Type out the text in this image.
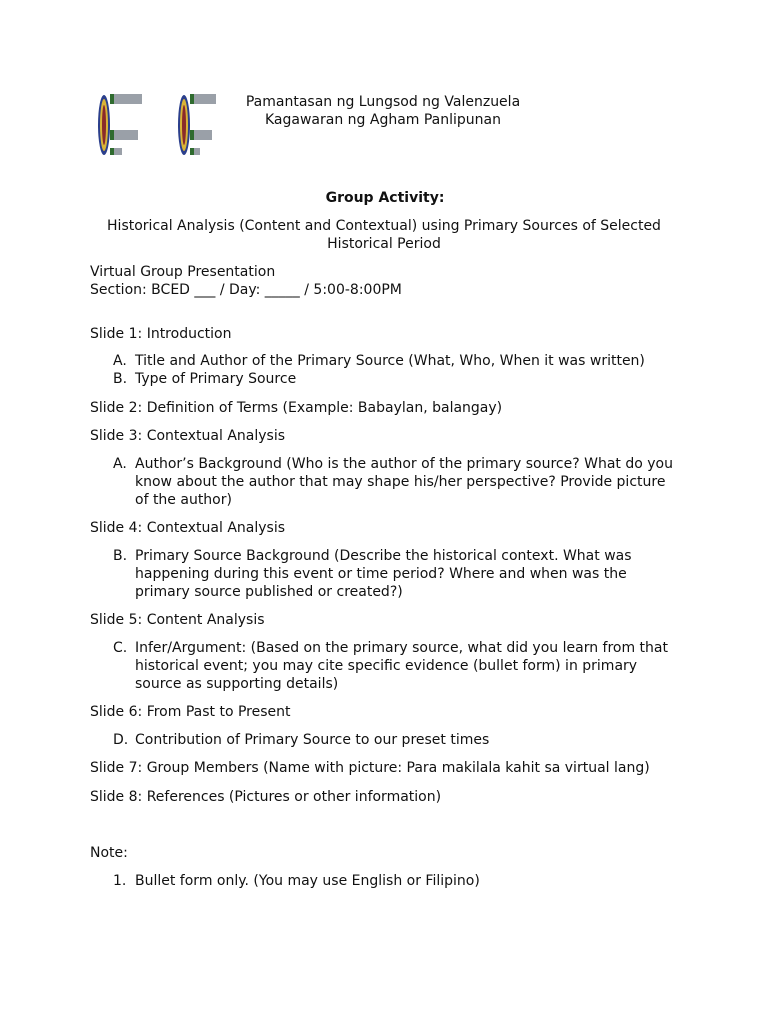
Pamantasan ng Lungsod ng Valenzuela
Kagawaran ng Agham Panlipunan
Group Activity:
Historical Analysis (Content and Contextual) using Primary Sources of Selected Historical Period
Virtual Group Presentation
Section: BCED ___ / Day: _____ / 5:00-8:00PM
Slide 1: Introduction
A. Title and Author of the Primary Source (What, Who, When it was written)
B. Type of Primary Source
Slide 2: Definition of Terms (Example: Babaylan, balangay)
Slide 3: Contextual Analysis
A. Author’s Background (Who is the author of the primary source? What do you know about the author that may shape his/her perspective? Provide picture of the author)
Slide 4: Contextual Analysis
B. Primary Source Background (Describe the historical context. What was happening during this event or time period? Where and when was the primary source published or created?)
Slide 5: Content Analysis
C. Infer/Argument: (Based on the primary source, what did you learn from that historical event; you may cite specific evidence (bullet form) in primary source as supporting details)
Slide 6: From Past to Present
D. Contribution of Primary Source to our preset times
Slide 7: Group Members (Name with picture: Para makilala kahit sa virtual lang)
Slide 8: References (Pictures or other information)
Note:
1. Bullet form only. (You may use English or Filipino)
